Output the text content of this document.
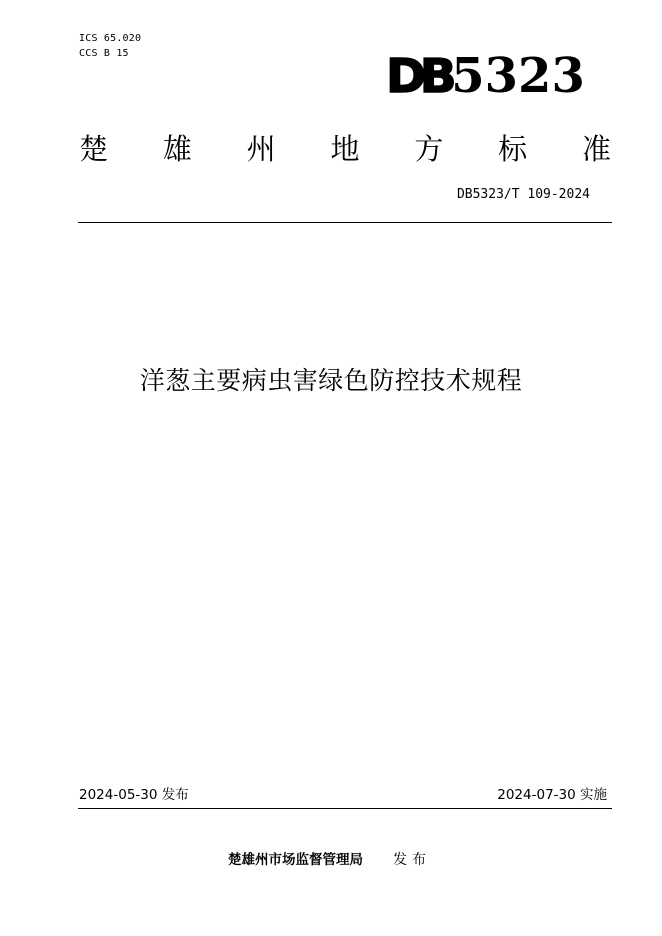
ICS 65.020
CCS B 15	DB 5323
楚 雄 州 地 方 标 准
DB5323/T 109-2024
洋葱主要病虫害绿色防控技术规程
2024-05-30 发布	2024-07-30 实施
楚雄州市场监督管理局 发布
